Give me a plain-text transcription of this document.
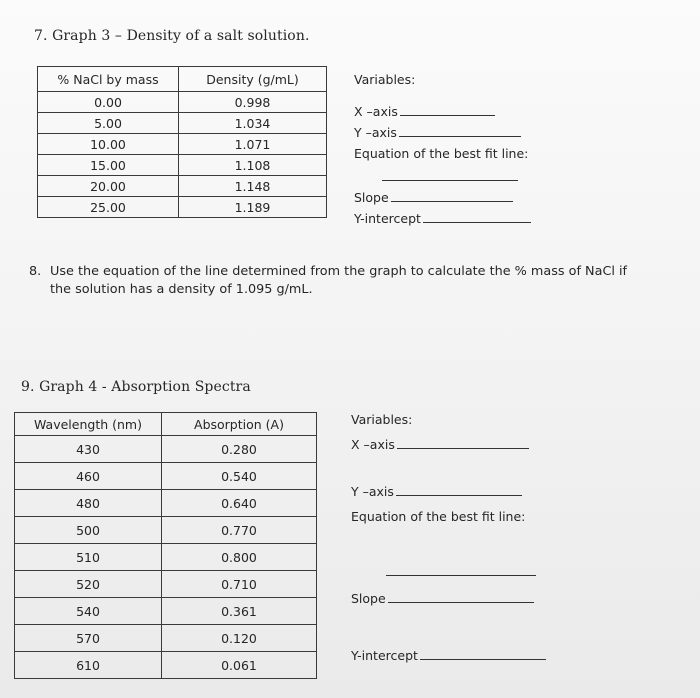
7. Graph 3 – Density of a salt solution.
% NaCl by mass	Density (g/mL)
0.00	0.998
5.00	1.034
10.00	1.071
15.00	1.108
20.00	1.148
25.00	1.189
Variables:
X –axis
Y –axis
Equation of the best fit line:
Slope
Y-intercept
8. Use the equation of the line determined from the graph to calculate the % mass of NaCl if
the solution has a density of 1.095 g/mL.
9. Graph 4 - Absorption Spectra
Wavelength (nm)	Absorption (A)
430	0.280
460	0.540
480	0.640
500	0.770
510	0.800
520	0.710
540	0.361
570	0.120
610	0.061
Variables:
X –axis
Y –axis
Equation of the best fit line:
Slope
Y-intercept
